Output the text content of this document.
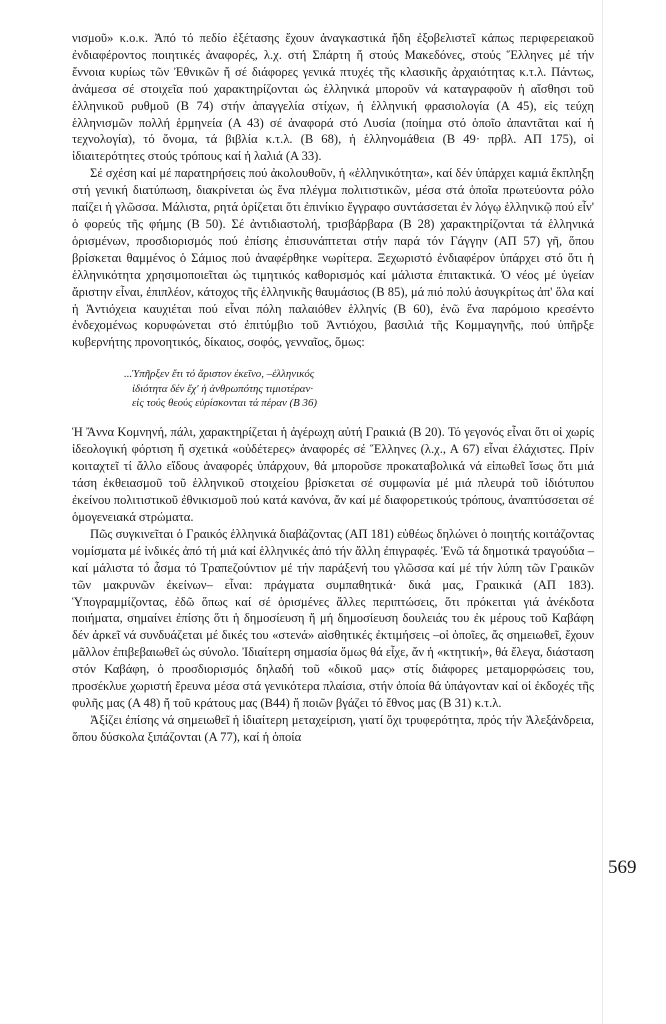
νισμοῦ» κ.ο.κ. Ἀπό τό πεδίο ἐξέτασης ἔχουν ἀναγκαστικά ἤδη ἐξοβελιστεῖ κάπως περιφερειακοῦ ἐνδιαφέροντος ποιητικές ἀναφορές, λ.χ. στή Σπάρτη ἤ στούς Μακεδόνες, στούς Ἕλληνες μέ τήν ἔννοια κυρίως τῶν Ἐθνικῶν ἤ σέ διάφορες γενικά πτυχές τῆς κλασικῆς ἀρχαιότητας κ.τ.λ. Πάντως, ἀνάμεσα σέ στοιχεῖα πού χαρακτηρίζονται ὡς ἑλληνικά μποροῦν νά καταγραφοῦν ἡ αἴσθησι τοῦ ἑλληνικοῦ ρυθμοῦ (Β 74) στήν ἀπαγγελία στίχων, ἡ ἑλληνική φρασιολογία (Α 45), εἰς τεύχη ἑλληνισμῶν πολλή ἑρμηνεία (Α 43) σέ ἀναφορά στό Λυσία (ποίημα στό ὁποῖο ἀπαντᾶται καί ἡ τεχνολογία), τό ὄνομα, τά βιβλία κ.τ.λ. (Β 68), ἡ ἑλληνομάθεια (Β 49· πρβλ. ΑΠ 175), οἱ ἰδιαιτερότητες στούς τρόπους καί ἡ λαλιά (Α 33).

Σέ σχέση καί μέ παρατηρήσεις πού ἀκολουθοῦν, ἡ «ἑλληνικότητα», καί δέν ὑπάρχει καμιά ἔκπληξη στή γενική διατύπωση, διακρίνεται ὡς ἕνα πλέγμα πολιτιστικῶν, μέσα στά ὁποῖα πρωτεύοντα ρόλο παίζει ἡ γλῶσσα. Μάλιστα, ρητά ὁρίζεται ὅτι ἐπινίκιο ἔγγραφο συντάσσεται ἐν λόγῳ ἑλληνικῷ πού εἶν' ὁ φορεύς τῆς φήμης (Β 50). Σέ ἀντιδιαστολή, τρισβάρβαρα (Β 28) χαρακτηρίζονται τά ἑλληνικά ὁρισμένων, προσδιορισμός πού ἐπίσης ἐπισυνάπτεται στήν παρά τόν Γάγγην (ΑΠ 57) γῆ, ὅπου βρίσκεται θαμμένος ὁ Σάμιος πού ἀναφέρθηκε νωρίτερα. Ξεχωριστό ἐνδιαφέρον ὑπάρχει στό ὅτι ἡ ἑλληνικότητα χρησιμοποιεῖται ὡς τιμητικός καθορισμός καί μάλιστα ἐπιτακτικά. Ὁ νέος μέ ὑγείαν ἄριστην εἶναι, ἐπιπλέον, κάτοχος τῆς ἑλληνικῆς θαυμάσιος (Β 85), μά πιό πολύ ἀσυγκρίτως ἀπ' ὅλα καί ἡ Ἀντιόχεια καυχιέται πού εἶναι πόλη παλαιόθεν ἑλληνίς (Β 60), ἐνῶ ἕνα παρόμοιο κρεσέντο ἐνδεχομένως κορυφώνεται στό ἐπιτύμβιο τοῦ Ἀντιόχου, βασιλιά τῆς Κομμαγηνῆς, πού ὑπῆρξε κυβερνήτης προνοητικός, δίκαιος, σοφός, γενναῖος, ὅμως:

...Ὑπῆρξεν ἔτι τό ἄριστον ἐκεῖνο, –ἑλληνικός
ἰδιότητα δέν ἔχ' ἡ ἀνθρωπότης τιμιοτέραν·
εἰς τούς θεούς εὑρίσκονται τά πέραν (Β 36)

Ἡ Ἄννα Κομνηνή, πάλι, χαρακτηρίζεται ἡ ἀγέρωχη αὐτή Γραικιά (Β 20). Τό γεγονός εἶναι ὅτι οἱ χωρίς ἰδεολογική φόρτιση ἤ σχετικά «οὐδέτερες» ἀναφορές σέ Ἕλληνες (λ.χ., Α 67) εἶναι ἐλάχιστες. Πρίν κοιταχτεῖ τί ἄλλο εἴδους ἀναφορές ὑπάρχουν, θά μποροῦσε προκαταβολικά νά εἰπωθεῖ ἴσως ὅτι μιά τάση ἐκθειασμοῦ τοῦ ἑλληνικοῦ στοιχείου βρίσκεται σέ συμφωνία μέ μιά πλευρά τοῦ ἰδιότυπου ἐκείνου πολιτιστικοῦ ἐθνικισμοῦ πού κατά κανόνα, ἄν καί μέ διαφορετικούς τρόπους, ἀναπτύσσεται σέ ὁμογενειακά στρώματα.

Πῶς συγκινεῖται ὁ Γραικός ἑλληνικά διαβάζοντας (ΑΠ 181) εὐθέως δηλώνει ὁ ποιητής κοιτάζοντας νομίσματα μέ ἰνδικές ἀπό τή μιά καί ἑλληνικές ἀπό τήν ἄλλη ἐπιγραφές. Ἐνῶ τά δημοτικά τραγούδια –καί μάλιστα τό ἆσμα τό Τραπεζούντιον μέ τήν παράξενή του γλῶσσα καί μέ τήν λύπη τῶν Γραικῶν τῶν μακρυνῶν ἐκείνων– εἶναι: πράγματα συμπαθητικά· δικά μας, Γραικικά (ΑΠ 183). Ὑπογραμμίζοντας, ἐδῶ ὅπως καί σέ ὁρισμένες ἄλλες περιπτώσεις, ὅτι πρόκειται γιά ἀνέκδοτα ποιήματα, σημαίνει ἐπίσης ὅτι ἡ δημοσίευση ἤ μή δημοσίευση δουλειάς του ἐκ μέρους τοῦ Καβάφη δέν ἀρκεῖ νά συνδυάζεται μέ δικές του «στενά» αἰσθητικές ἐκτιμήσεις –οἱ ὁποῖες, ἄς σημειωθεῖ, ἔχουν μᾶλλον ἐπιβεβαιωθεῖ ὡς σύνολο. Ἰδιαίτερη σημασία ὅμως θά εἶχε, ἄν ἡ «κτητική», θά ἔλεγα, διάσταση στόν Καβάφη, ὁ προσδιορισμός δηλαδή τοῦ «δικοῦ μας» στίς διάφορες μεταμορφώσεις του, προσέκλυε χωριστή ἔρευνα μέσα στά γενικότερα πλαίσια, στήν ὁποία θά ὑπάγονταν καί οἱ ἐκδοχές τῆς φυλῆς μας (Α 48) ἤ τοῦ κράτους μας (Β44) ἤ ποιῶν βγάζει τό ἔθνος μας (Β 31) κ.τ.λ.

Ἀξίζει ἐπίσης νά σημειωθεῖ ἡ ἰδιαίτερη μεταχείριση, γιατί ὄχι τρυφερότητα, πρός τήν Ἀλεξάνδρεια, ὅπου δύσκολα ξιπάζονται (Α 77), καί ἡ ὁποία

569
